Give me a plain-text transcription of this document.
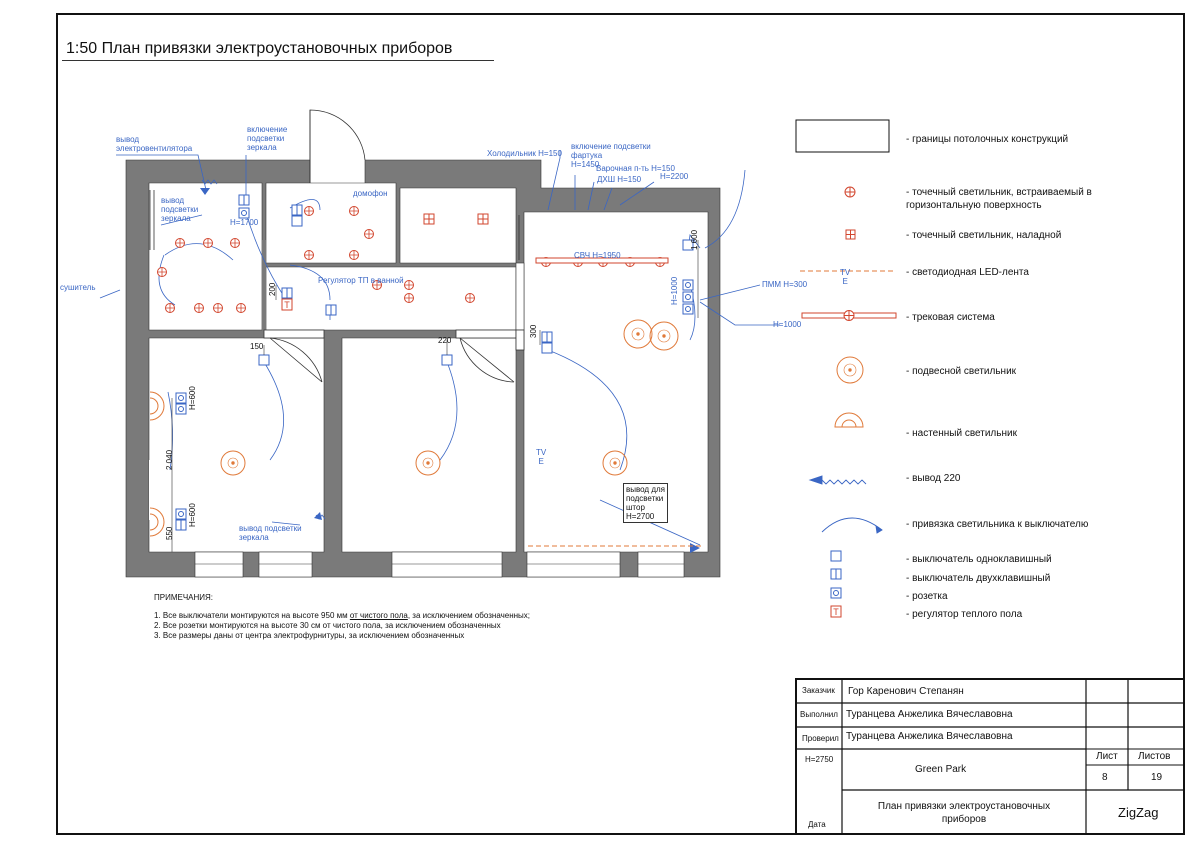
T
T
1:50 План привязки электроустановочных приборов
вывод
электровентилятора
включение
подсветки
зеркала
вывод
подсветки
зеркала	H=1700
домофон
Холодильник H=150
включение подсветки
фартука
H=1450
Варочная п-ть H=150
ДХШ H=150 H=2200
СВЧ H=1950
Регулятор ТП в ванной
сушитель	ПММ H=300
H=1000
H=1000
1 600
200
150
220
300
2 040
550
H=600
H=600
TV
E
TV
E
вывод для
подсветки
штор
H=2700
вывод подсветки
зеркала
- границы потолочных конструкций
- точечный светильник, встраиваемый в
горизонтальную поверхность
- точечный светильник, наладной
- светодиодная LED-лента
- трековая система
- подвесной светильник
- настенный светильник
- вывод 220
- привязка светильника к выключателю
- выключатель одноклавишный
- выключатель двухклавишный
- розетка
- регулятор теплого пола
ПРИМЕЧАНИЯ:
1. Все выключатели монтируются на высоте 950 мм от чистого пола, за исключением обозначенных;
2. Все розетки монтируются на высоте 30 см от чистого пола, за исключением обозначенных
3. Все размеры даны от центра электрофурнитуры, за исключением обозначенных
Заказчик Гор Каренович Степанян
Выполнил Туранцева Анжелика Вячеславовна
Проверил Туранцева Анжелика Вячеславовна
H=2750
Дата
Green Park
Лист Листов
8	19
План привязки электроустановочных
приборов	ZigZag
